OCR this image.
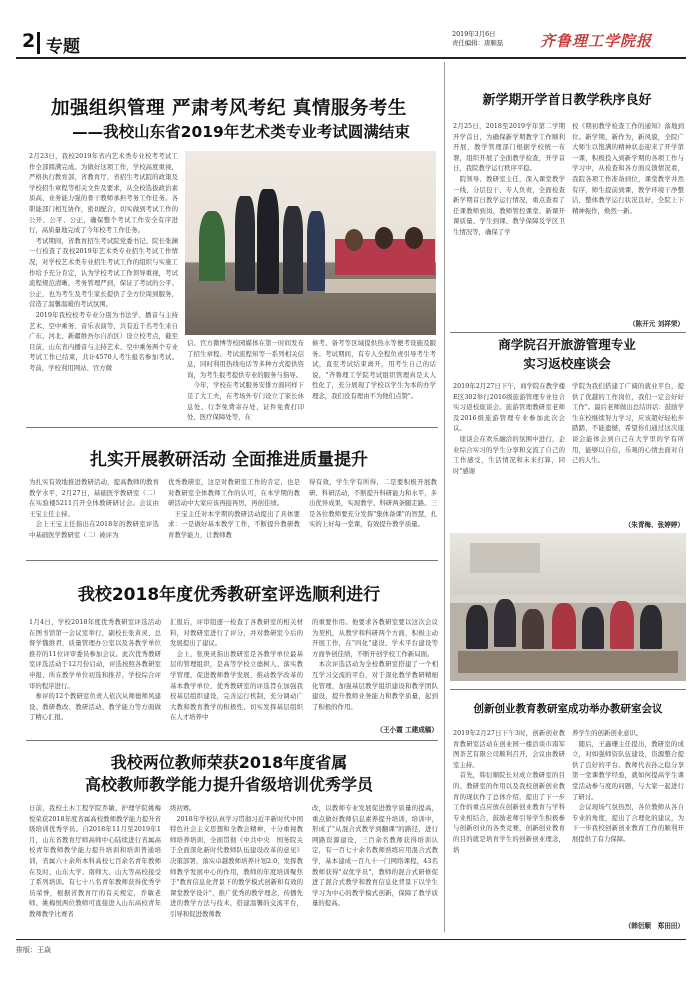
2 专题
2019年3月6日
责任编辑：唐顺磊	齐鲁理工学院报
加强组织管理 严肃考风考纪 真情服务考生
——我校山东省2019年艺术类专业考试圆满结束
2月23日，我校2019年省内艺术类专业校考考试工作全部圆满完成。为做好这项工作，学校高度重视，严格执行教育部、省教育厅、省招生考试院的政策及学校招生章程等相关文件及要求，从全校选拔政治素质高、业务能力强的骨干教师承担考务工作任务。各职能部门相互协作，密切配合，切实做到考试工作的公开、公平、公正，确保整个考试工作安全有序进行，高质量地完成了今年校考工作任务。
　考试期间，省教育招生考试院党委书记、院长张澜一行检查了我校2019年艺术类专业招生考试工作情况，对学校艺术类专业招生考试工作的组织与实施工作给予充分肯定，认为学校考试工作领导重视，考试流程规范清晰，考务管理严到，保证了考试的公平、公正，也为考生及考生家长提供了全方位周到服务，营造了温馨温暖的考试氛围。
　2019年我校校考专业分别为书法学、播音与主持艺术、空中乘务、音乐表演等，共有近千名考生来自广东、河北、新疆维吾尔自治区）设立校考点，截至目前，山东省内播音与主持艺术、空中乘务两个专业考试工作已结束，共计4570人考生报名参加考试。考前，学校利用网站、官方微
信、官方微博等校园媒体在第一时间发布了招生章程、考试流程知等一系列相关信息，同时利用热线电话等多种方式提供咨询，为考生报考提供专业的服务与指导。
　今年，学校在考试服务安排方面同样下足了大工夫，在考场外专门设立了家长休息处、行李免费寄存处、证件免费打印处、医疗保障处等，在
候考、备考等区域提供热水等便考设施及服务。考试期间，有专人全程负责引导考生考试，直至考试结束离开，用考生自己的话说，"齐鲁理工学院考试组织管理真是太人性化了，充分展现了学校以学生为本的办学理念，我们没有理由不为他们点赞"。
扎实开展教研活动 全面推进质量提升
为扎实有效地推进教研活动，提高教师的教育教学水平，2月27日，基础医学教研室（二）在实验楼5211召开全体教研研讨会。会议由王宝主任主持。
　会上王宝主任指出在2018年的教研室评选中基础医学教研室（二）被评为
优秀教研室，这是对教研室工作的肯定，也是对教研室全体教师工作的认可，在本学期的教研活动中大家应该再接再厉，再创佳绩。
　王宝主任对本学期的教研活动提出了具体要求：一是做好基本教学工作，不断提升教研教育教学能力，让教师教
得有效，学生学有所得，二是要积极开展教研、科研活动，不断提升科研能力和水平，多出优异成果，实现教学、科研两条腿走路。三是各位教师要充分发挥"集体备课"的智慧，扎实的上好每一堂课，有效提升教学质量。
我校2018年度优秀教研室评选顺利进行
1月4日，学校2018年度优秀教研室评选活动在图书馆第一会议室举行，副校长张黄灵、总督学魏维君，质量管理办公室以及各教学单位推荐的11位评审委员参加会议。此次优秀教研室评选活动于12月份启动，评选按照各教研室申报、所在教学单位初选和推荐、学校综合评审的程序进行。
　参评的12个教研室负责人依次从师德师风建设、教研教改、教研活动、教学能力等方面做了精心汇报。
汇报后，评审组逐一检查了各教研室的相关材料，对教研室进行了评分，并对教研室今后的发展提出了建议。
　会上，张庚灵指出教研室是各教学单位最基层的管理组织，是高等学校立德树人、落实教学管理、促进教师教学发展、推动教学改革的基本教学单位，优秀教研室的评选旨在加强我校基层组织建设，完善运行机制，充分调动广大教和教育教学的积极性、切实发挥基层组织在人才培养中
的重要作用。他要求各教研室要以这次会议为契机，从教学和科研两个方面，积极主动开展工作，在"四化"建设、学术平台建设等方面争创佳绩，不断开创学校工作新局面。
　本次评选活动为全校教研室搭建了一个相互学习交流的平台，对于深化教学教研精细化管理，加强基层教学组织建设和教学团队建设，提升教师业务能力和教学质量，起到了积极的作用。
（王小霞 工建成稿）
我校两位教师荣获2018年度省属
高校教师教学能力提升省级培训优秀学员
日前，我校土木工程学院乔敏、护理学院姚梅悦荣获2018年度省属高校教师教学能力提升省级培训优秀学员。自2018年11月至2019年1月，山东省教育厅师高师中心陆续进行省属高校青年教师教学能力提升培训和培训普通培训，省属六十余所本科高校七百余名青年教师在及时、山东大学、南师大、山大等高校接受了系列培训。有七十八名青年教师获得优秀学员荣誉，根据省教育厅的有关规定，乔敏老师、姚梅悦两位教师可直接进入山东高校青年教师教学比赛省
级初赛。
　2018年学校认真学习贯彻习近平新时代中国特色社会主义思想和全教会精神，十分重视教师培养培训，全面贯彻《中共中央　国务院关于全面深化新时代教师队伍建设改革的意见》决策部署，落实卓越教师培养计划2.0，发挥教师教学发展中心的作用，教师的年度培训聚焦于"教育信息化背景下的教学模式创新和有效的课堂教学设计"，推广优秀的教学理念，传播先进的教学方法与技术，搭建温馨的交流平台，引导和促进教师教
改，以教师专业发展促进教学质量的提高，重点做好教师信息素养提升培训，培训中，形成了"从混合式教学到翻课"的路径，进行网路资源建设，三百余名教师获得培训认定，有一百七十余名教师熟练应用混合式教学，基本建成一百九十一门网络课程，43名教师获得"双优学员"，教师的混合式研修促进了混合式教学和教育信息化背景下以学生学习为中心的教学模式创新，保障了教学质量的提高。
新学期开学首日教学秩序良好
2月25日，2018至2019学年第二学期开学首日，为确保新学期教学工作顺利开展，教学管理部门根据学校统一布署，组织开展了全面教学检查，开学首日，我院教学运行秩序平稳。
　院领导、教研室主任，深入课堂教学一线，分层包干、专人负责，全面检查新学期首日教学运行情况，重点查看了任课教师到岗、教师管控课堂、新课开课质量、学生到课、教学保障及学区卫生情况等，确保了学
校《期初教学检查工作的通知》落地到位。新学期，新作为，新风貌，全院广大师生以饱满的精神状态迎来了开学第一课，积极投入到新学期的各项工作与学习中，从检查和各方面反馈情况看，我院各项工作准备到位，课堂教学井然有序，师生提前到课，教学环境干净整洁，整体教学运行状况良好，全院上下精神振作，焕然一新。
（陈开元 刘祥荣）
商学院召开旅游管理专业
实习返校座谈会
2019年2月27日下午，商学院在教学楼E区302举行2016级旅游管理专业往合实习返校座谈会。旅游管理教研室老师及2016级旅游管理专业参加此次会议。
　座谈会在欢乐融洽的氛围中进行，企业综合实习的学生分享和交流了自己的工作感受，生活情况和未来打算，同时"感谢
学院为我们搭建了广阔的就业平台，提供了优越的工作岗位，我们一定会好好工作"。最后老师做出总结讲话：鼓励学生在校继续努力学习，应该超好轻松步踏踏，不能遗憾，希望你们通过这次座谈会能体会到自己在大学里的学有所用，能够以自信，乐观的心情去面对自己的人生。
（朱青梅、张婷婷）
创新创业教育教研室成功举办教研室会议
2019年2月27日下午3时，创新创业教育教研室活动在创业园一楼洽谈市南军图茶艺有限公司顺利召开，会议由教研室主持。
　首先，韩衍顺院长对成立教研室的目的、教研室的作用以及我校创新创业教育的现状作了总体介绍，提出了下一步工作的重点应放在创新创业教育与学科专业相结合，鼓励老师引导学生积极参与创新创业的各类竞赛，创新创业教育的目的就是培育学生的创新创业理念，培
养学生的创新创业意识。
　随后，王鑫珊主任提出，教研室的成立，对如强师资队伍建设，资源整合提供了良好的平台。教师代表孙之稳分享第一堂课教学经验，就如何提高学生课堂活动参与度的问题，与大家一起进行了研讨。
　会议现场气氛热烈，各位教师从各自专业的角度，提出了合理化的建议，为下一步我校创新创业教育工作的顺利开展提供了有力保障。
（韩衍顺　郑田田）
排版：王焱
